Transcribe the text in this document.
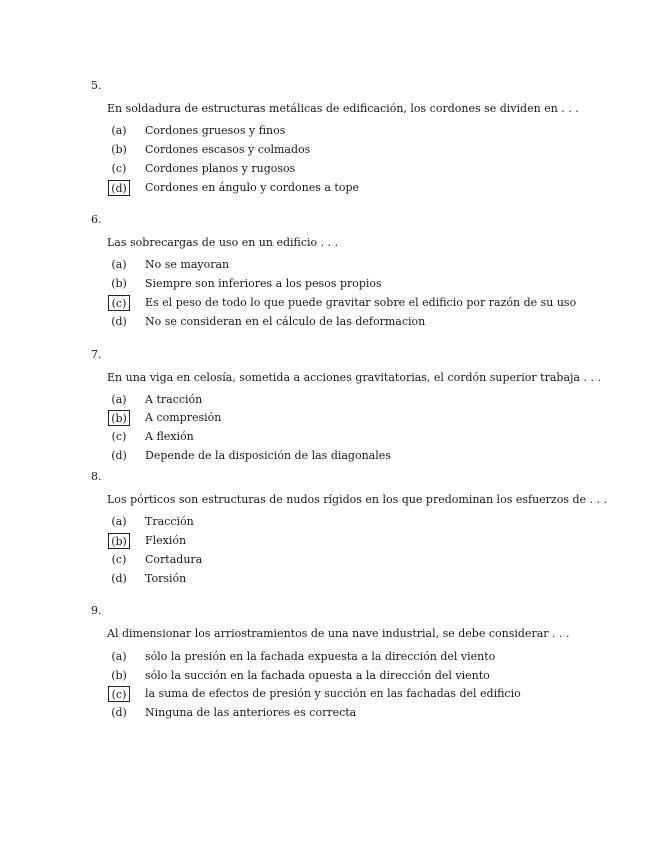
5.
En soldadura de estructuras metálicas de edificación, los cordones se dividen en . . .
(a)	Cordones gruesos y finos
(b) Cordones escasos y colmados
(c)	Cordones planos y rugosos
(d) Cordones en ángulo y cordones a tope
6.
Las sobrecargas de uso en un edificio . . .
(a)	No se mayoran
(b) Siempre son inferiores a los pesos propios
(c)	Es el peso de todo lo que puede gravitar sobre el edificio por razón de su uso
(d) No se consideran en el cálculo de las deformacion
7.
En una viga en celosía, sometida a acciones gravitatorias, el cordón superior trabaja . . .
(a)	A tracción
(b) A compresión
(c)	A flexión
(d) Depende de la disposición de las diagonales
8.
Los pórticos son estructuras de nudos rígidos en los que predominan los esfuerzos de . . .
(a)	Tracción
(b) Flexión
(c)	Cortadura
(d) Torsión
9.
Al dimensionar los arriostramientos de una nave industrial, se debe considerar . . .
(a)	sólo la presión en la fachada expuesta a la dirección del viento
(b) sólo la succión en la fachada opuesta a la dirección del viento
(c)	la suma de efectos de presión y succión en las fachadas del edificio
(d) Ninguna de las anteriores es correcta
